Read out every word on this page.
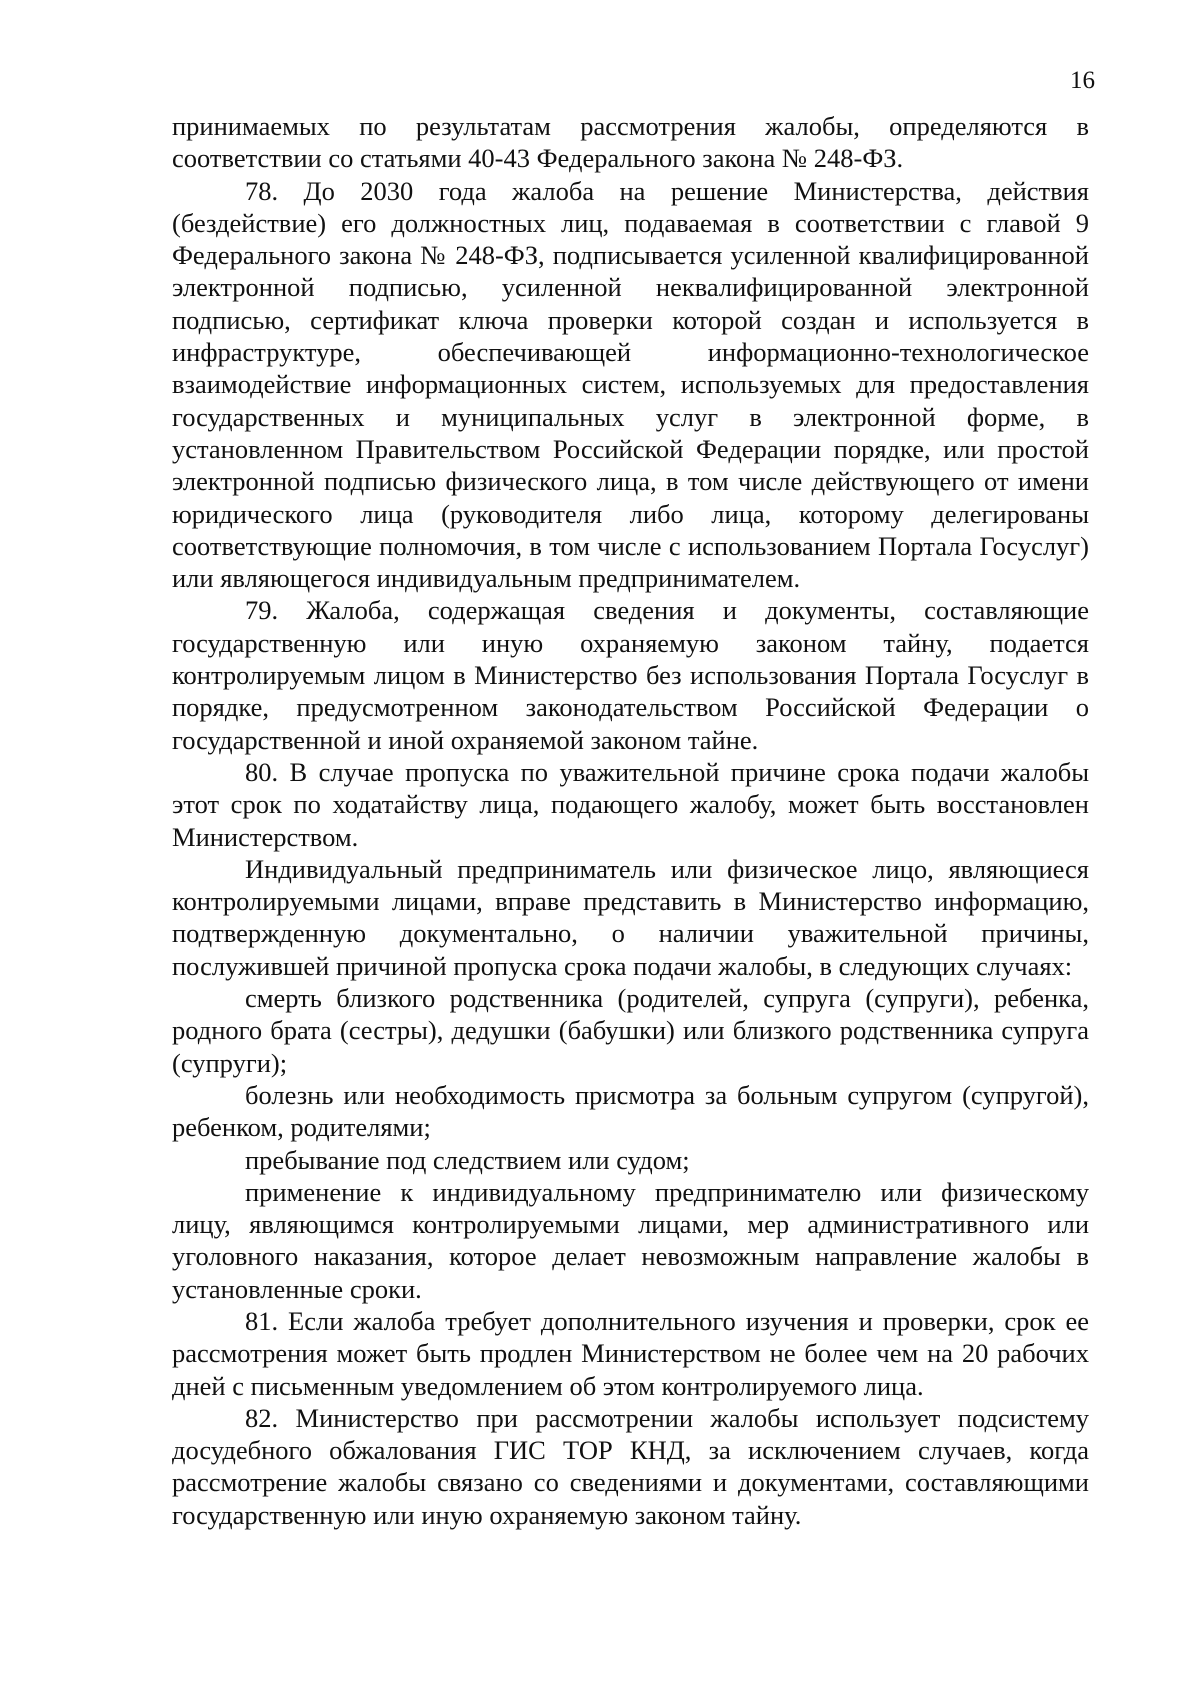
16

принимаемых по результатам рассмотрения жалобы, определяются в соответствии со статьями 40-43 Федерального закона № 248-ФЗ.

78. До 2030 года жалоба на решение Министерства, действия (бездействие) его должностных лиц, подаваемая в соответствии с главой 9 Федерального закона № 248-ФЗ, подписывается усиленной квалифицированной электронной подписью, усиленной неквалифицированной электронной подписью, сертификат ключа проверки которой создан и используется в инфраструктуре, обеспечивающей информационно-технологическое взаимодействие информационных систем, используемых для предоставления государственных и муниципальных услуг в электронной форме, в установленном Правительством Российской Федерации порядке, или простой электронной подписью физического лица, в том числе действующего от имени юридического лица (руководителя либо лица, которому делегированы соответствующие полномочия, в том числе с использованием Портала Госуслуг) или являющегося индивидуальным предпринимателем.

79. Жалоба, содержащая сведения и документы, составляющие государственную или иную охраняемую законом тайну, подается контролируемым лицом в Министерство без использования Портала Госуслуг в порядке, предусмотренном законодательством Российской Федерации о государственной и иной охраняемой законом тайне.

80. В случае пропуска по уважительной причине срока подачи жалобы этот срок по ходатайству лица, подающего жалобу, может быть восстановлен Министерством.

Индивидуальный предприниматель или физическое лицо, являющиеся контролируемыми лицами, вправе представить в Министерство информацию, подтвержденную документально, о наличии уважительной причины, послужившей причиной пропуска срока подачи жалобы, в следующих случаях:

смерть близкого родственника (родителей, супруга (супруги), ребенка, родного брата (сестры), дедушки (бабушки) или близкого родственника супруга (супруги);

болезнь или необходимость присмотра за больным супругом (супругой), ребенком, родителями;

пребывание под следствием или судом;

применение к индивидуальному предпринимателю или физическому лицу, являющимся контролируемыми лицами, мер административного или уголовного наказания, которое делает невозможным направление жалобы в установленные сроки.

81. Если жалоба требует дополнительного изучения и проверки, срок ее рассмотрения может быть продлен Министерством не более чем на 20 рабочих дней с письменным уведомлением об этом контролируемого лица.

82. Министерство при рассмотрении жалобы использует подсистему досудебного обжалования ГИС ТОР КНД, за исключением случаев, когда рассмотрение жалобы связано со сведениями и документами, составляющими государственную или иную охраняемую законом тайну.
